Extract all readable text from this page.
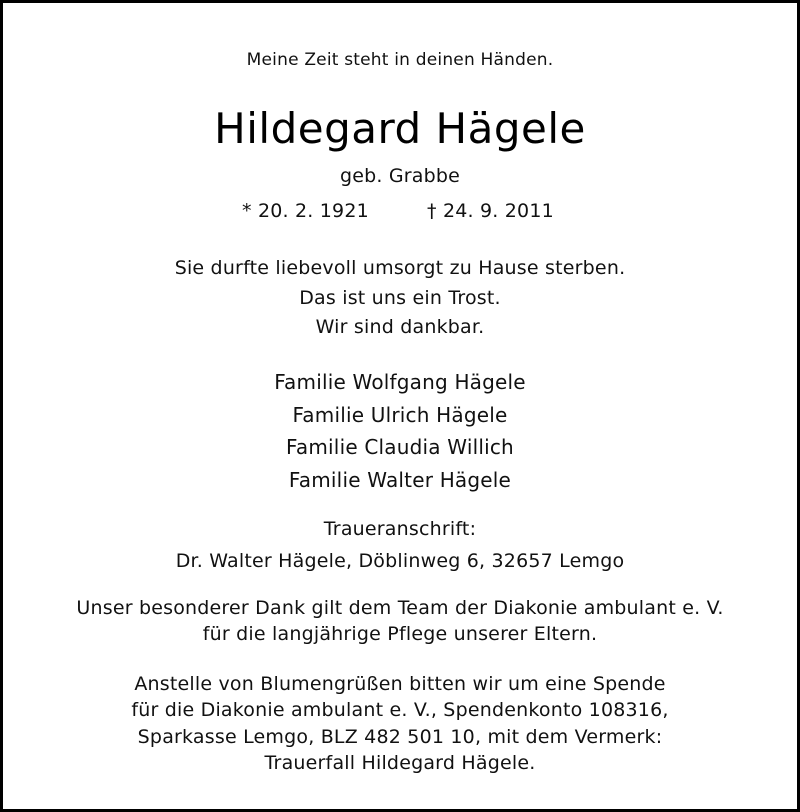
Meine Zeit steht in deinen Händen.
Hildegard Hägele
geb. Grabbe
* 20. 2. 1921	† 24. 9. 2011
Sie durfte liebevoll umsorgt zu Hause sterben.
Das ist uns ein Trost.
Wir sind dankbar.
Familie Wolfgang Hägele
Familie Ulrich Hägele
Familie Claudia Willich
Familie Walter Hägele
Traueranschrift:
Dr. Walter Hägele, Döblinweg 6, 32657 Lemgo
Unser besonderer Dank gilt dem Team der Diakonie ambulant e. V.
für die langjährige Pflege unserer Eltern.
Anstelle von Blumengrüßen bitten wir um eine Spende
für die Diakonie ambulant e. V., Spendenkonto 108316,
Sparkasse Lemgo, BLZ 482 501 10, mit dem Vermerk:
Trauerfall Hildegard Hägele.
